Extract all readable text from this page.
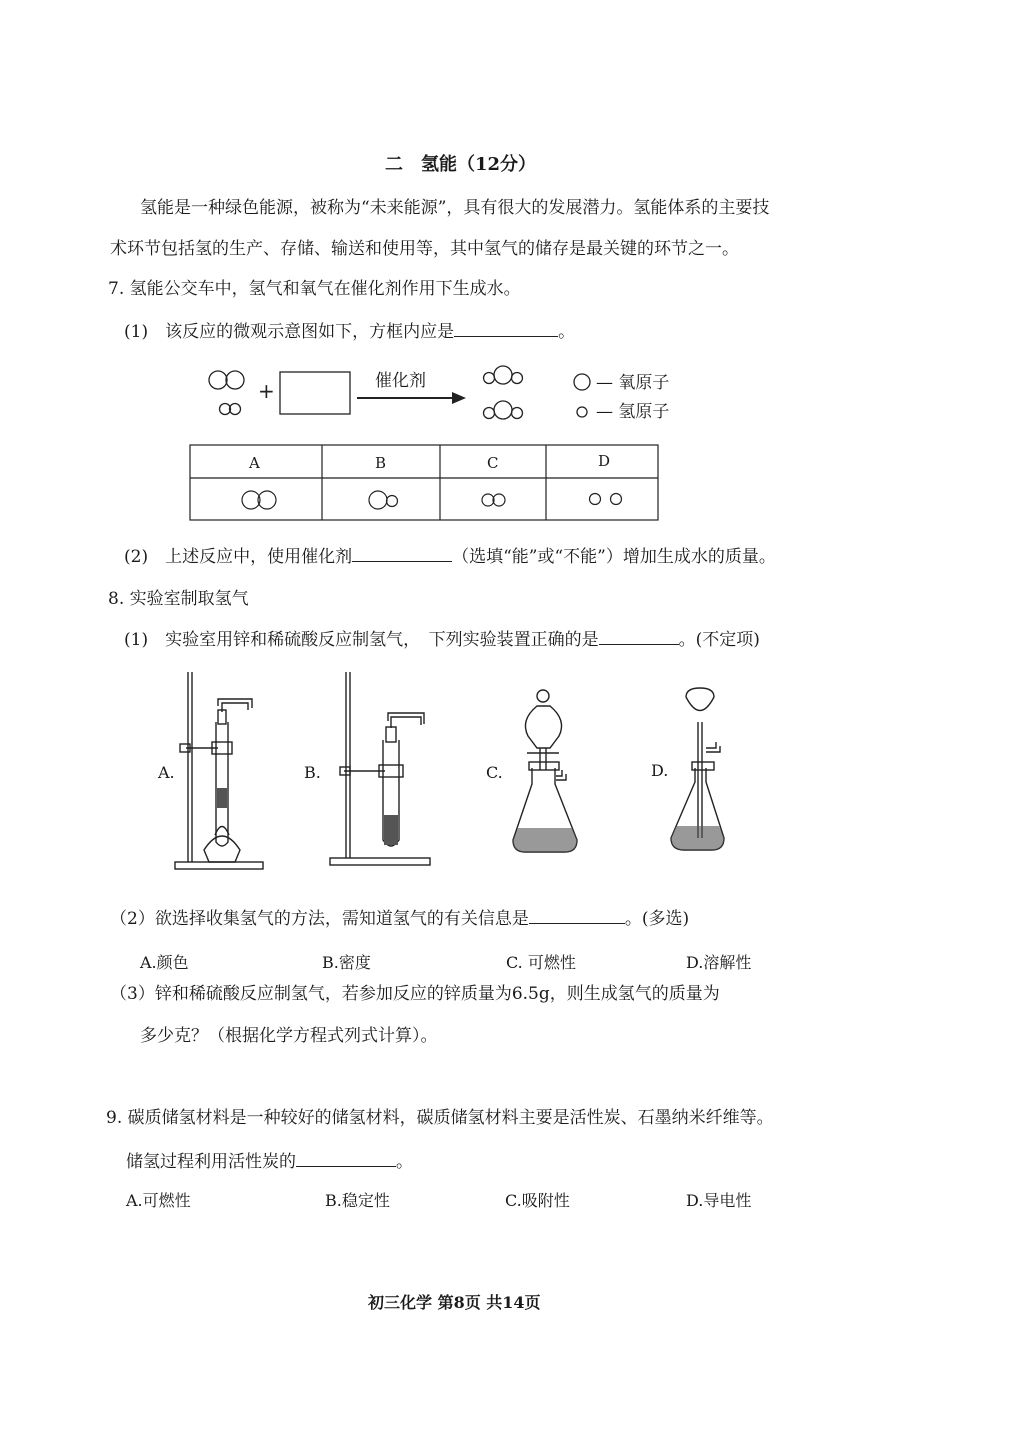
二　氢能（12分）
氢能是一种绿色能源，被称为“未来能源”，具有很大的发展潜力。氢能体系的主要技
术环节包括氢的生产、存储、输送和使用等，其中氢气的储存是最关键的环节之一。
7. 氢能公交车中，氢气和氧气在催化剂作用下生成水。
(1)　该反应的微观示意图如下，方框内应是	。
+	催化剂	— 氧原子
— 氢原子
A	B	C	D
(2)　上述反应中，使用催化剂	（选填“能”或“不能”）增加生成水的质量。
8. 实验室制取氢气
(1)　实验室用锌和稀硫酸反应制氢气，　下列实验装置正确的是	。(不定项)
A.	B.	C.	D.
（2）欲选择收集氢气的方法，需知道氢气的有关信息是	。(多选)
A.颜色	B.密度	C. 可燃性	D.溶解性
（3）锌和稀硫酸反应制氢气，若参加反应的锌质量为6.5g，则生成氢气的质量为
多少克？（根据化学方程式列式计算）。
9. 碳质储氢材料是一种较好的储氢材料，碳质储氢材料主要是活性炭、石墨纳米纤维等。
储氢过程利用活性炭的	。
A.可燃性	B.稳定性	C.吸附性	D.导电性
初三化学 第8页 共14页
